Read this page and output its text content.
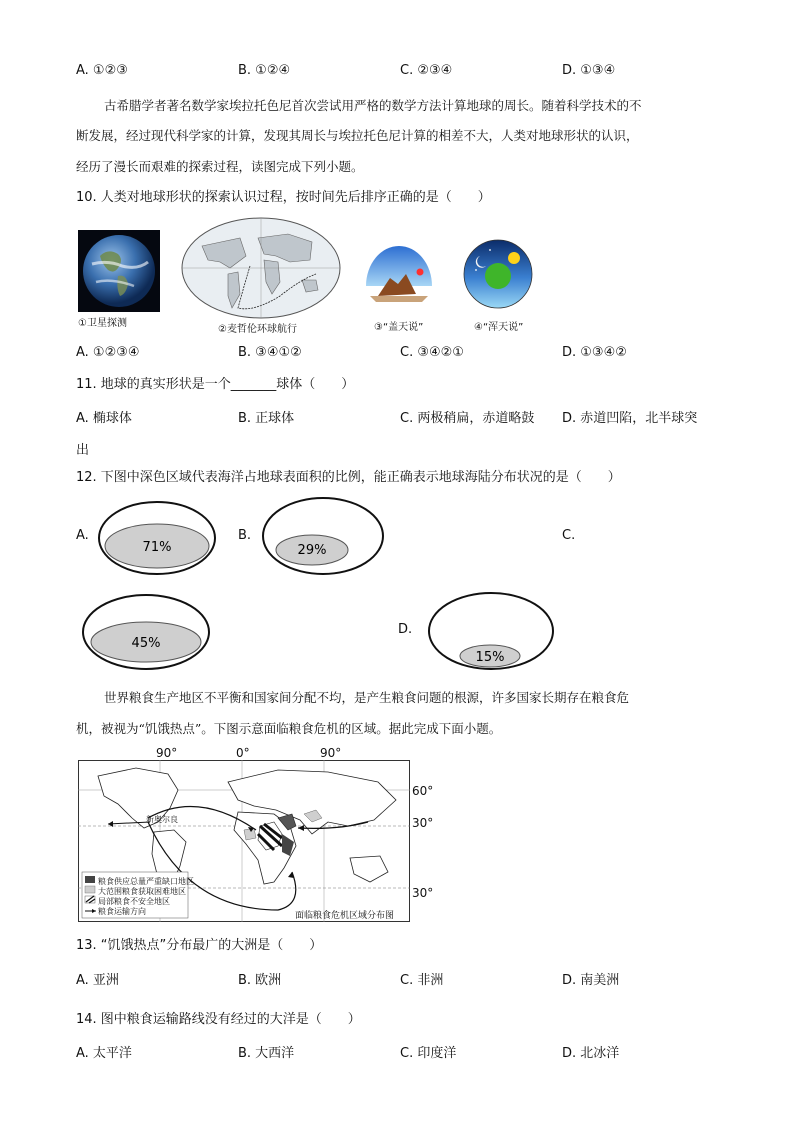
A. ①②③	B. ①②④	C. ②③④	D. ①③④
古希腊学者著名数学家埃拉托色尼首次尝试用严格的数学方法计算地球的周长。随着科学技术的不
断发展，经过现代科学家的计算，发现其周长与埃拉托色尼计算的相差不大，人类对地球形状的认识，
经历了漫长而艰难的探索过程，读图完成下列小题。
10. 人类对地球形状的探索认识过程，按时间先后排序正确的是（　　）
①卫星探测
②麦哲伦环球航行	③“盖天说”	④“浑天说”
A. ①②③④	B. ③④①②	C. ③④②①	D. ①③④②
11. 地球的真实形状是一个_______球体（　　）
A. 椭球体	B. 正球体	C. 两极稍扁，赤道略鼓 D. 赤道凹陷，北半球突
出
12. 下图中深色区域代表海洋占地球表面积的比例，能正确表示地球海陆分布状况的是（　　）
A.
71%
B.
29%
C.
45%
D.
15%
世界粮食生产地区不平衡和国家间分配不均，是产生粮食问题的根源，许多国家长期存在粮食危
机，被视为“饥饿热点”。下图示意面临粮食危机的区域。据此完成下面小题。
90°	0°	90°
60°
30°
30°
新奥尔良
粮食供应总量严重缺口地区
大范围粮食获取困难地区
局部粮食不安全地区
粮食运输方向	面临粮食危机区域分布图
13. “饥饿热点”分布最广的大洲是（　　）
A. 亚洲	B. 欧洲	C. 非洲	D. 南美洲
14. 图中粮食运输路线没有经过的大洋是（　　）
A. 太平洋	B. 大西洋	C. 印度洋	D. 北冰洋
